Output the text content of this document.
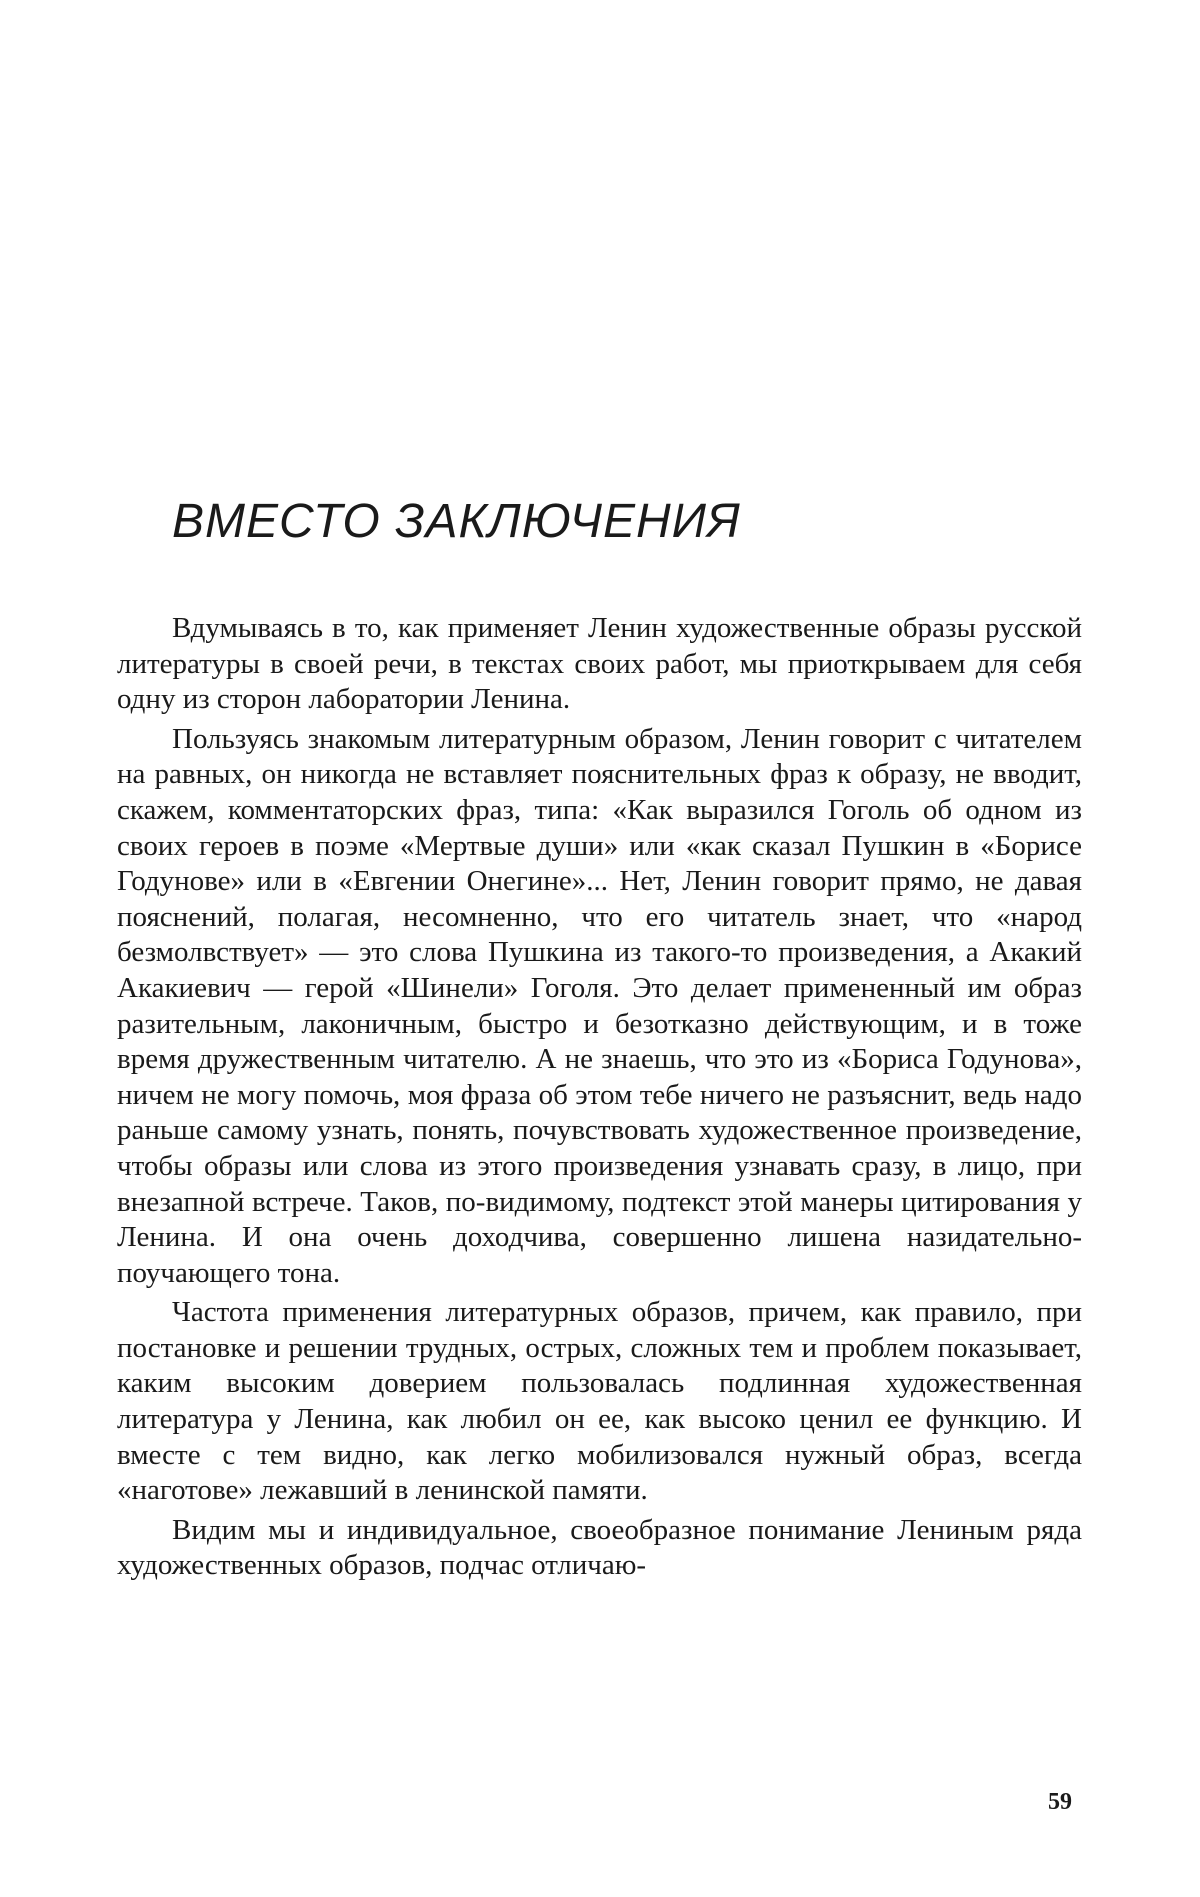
ВМЕСТО ЗАКЛЮЧЕНИЯ

Вдумываясь в то, как применяет Ленин художественные образы русской литературы в своей речи, в текстах своих работ, мы приоткрываем для себя одну из сторон лаборатории Ленина.

Пользуясь знакомым литературным образом, Ленин говорит с читателем на равных, он никогда не вставляет пояснительных фраз к образу, не вводит, скажем, комментаторских фраз, типа: «Как выразился Гоголь об одном из своих героев в поэме «Мертвые души» или «как сказал Пушкин в «Борисе Годунове» или в «Евгении Онегине»... Нет, Ленин говорит прямо, не давая пояснений, полагая, несомненно, что его читатель знает, что «народ безмолвствует» — это слова Пушкина из такого-то произведения, а Акакий Акакиевич — герой «Шинели» Гоголя. Это делает примененный им образ разительным, лаконичным, быстро и безотказно действующим, и в тоже время дружественным читателю. А не знаешь, что это из «Бориса Годунова», ничем не могу помочь, моя фраза об этом тебе ничего не разъяснит, ведь надо раньше самому узнать, понять, почувствовать художественное произведение, чтобы образы или слова из этого произведения узнавать сразу, в лицо, при внезапной встрече. Таков, по-видимому, подтекст этой манеры цитирования у Ленина. И она очень доходчива, совершенно лишена назидательно-поучающего тона.

Частота применения литературных образов, причем, как правило, при постановке и решении трудных, острых, сложных тем и проблем показывает, каким высоким доверием пользовалась подлинная художественная литература у Ленина, как любил он ее, как высоко ценил ее функцию. И вместе с тем видно, как легко мобилизовался нужный образ, всегда «наготове» лежавший в ленинской памяти.

Видим мы и индивидуальное, своеобразное понимание Лениным ряда художественных образов, подчас отличаю-

59
